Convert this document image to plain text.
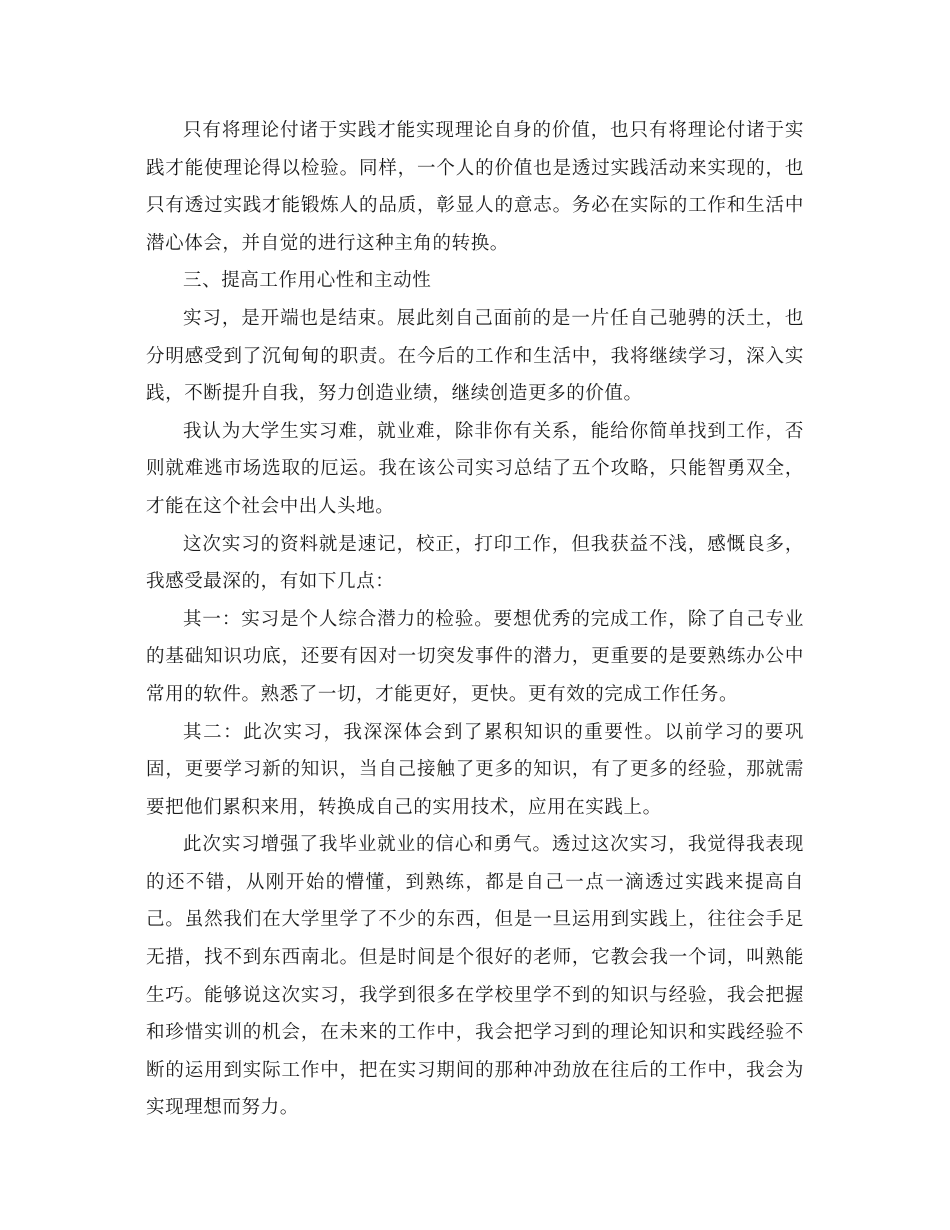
只有将理论付诸于实践才能实现理论自身的价值，也只有将理论付诸于实践才能使理论得以检验。同样，一个人的价值也是透过实践活动来实现的，也只有透过实践才能锻炼人的品质，彰显人的意志。务必在实际的工作和生活中潜心体会，并自觉的进行这种主角的转换。

三、提高工作用心性和主动性

实习，是开端也是结束。展此刻自己面前的是一片任自己驰骋的沃土，也分明感受到了沉甸甸的职责。在今后的工作和生活中，我将继续学习，深入实践，不断提升自我，努力创造业绩，继续创造更多的价值。

我认为大学生实习难，就业难，除非你有关系，能给你简单找到工作，否则就难逃市场选取的厄运。我在该公司实习总结了五个攻略，只能智勇双全，才能在这个社会中出人头地。

这次实习的资料就是速记，校正，打印工作，但我获益不浅，感慨良多，我感受最深的，有如下几点：

其一：实习是个人综合潜力的检验。要想优秀的完成工作，除了自己专业的基础知识功底，还要有因对一切突发事件的潜力，更重要的是要熟练办公中常用的软件。熟悉了一切，才能更好，更快。更有效的完成工作任务。

其二：此次实习，我深深体会到了累积知识的重要性。以前学习的要巩固，更要学习新的知识，当自己接触了更多的知识，有了更多的经验，那就需要把他们累积来用，转换成自己的实用技术，应用在实践上。

此次实习增强了我毕业就业的信心和勇气。透过这次实习，我觉得我表现的还不错，从刚开始的懵懂，到熟练，都是自己一点一滴透过实践来提高自己。虽然我们在大学里学了不少的东西，但是一旦运用到实践上，往往会手足无措，找不到东西南北。但是时间是个很好的老师，它教会我一个词，叫熟能生巧。能够说这次实习，我学到很多在学校里学不到的知识与经验，我会把握和珍惜实训的机会，在未来的工作中，我会把学习到的理论知识和实践经验不断的运用到实际工作中，把在实习期间的那种冲劲放在往后的工作中，我会为实现理想而努力。
